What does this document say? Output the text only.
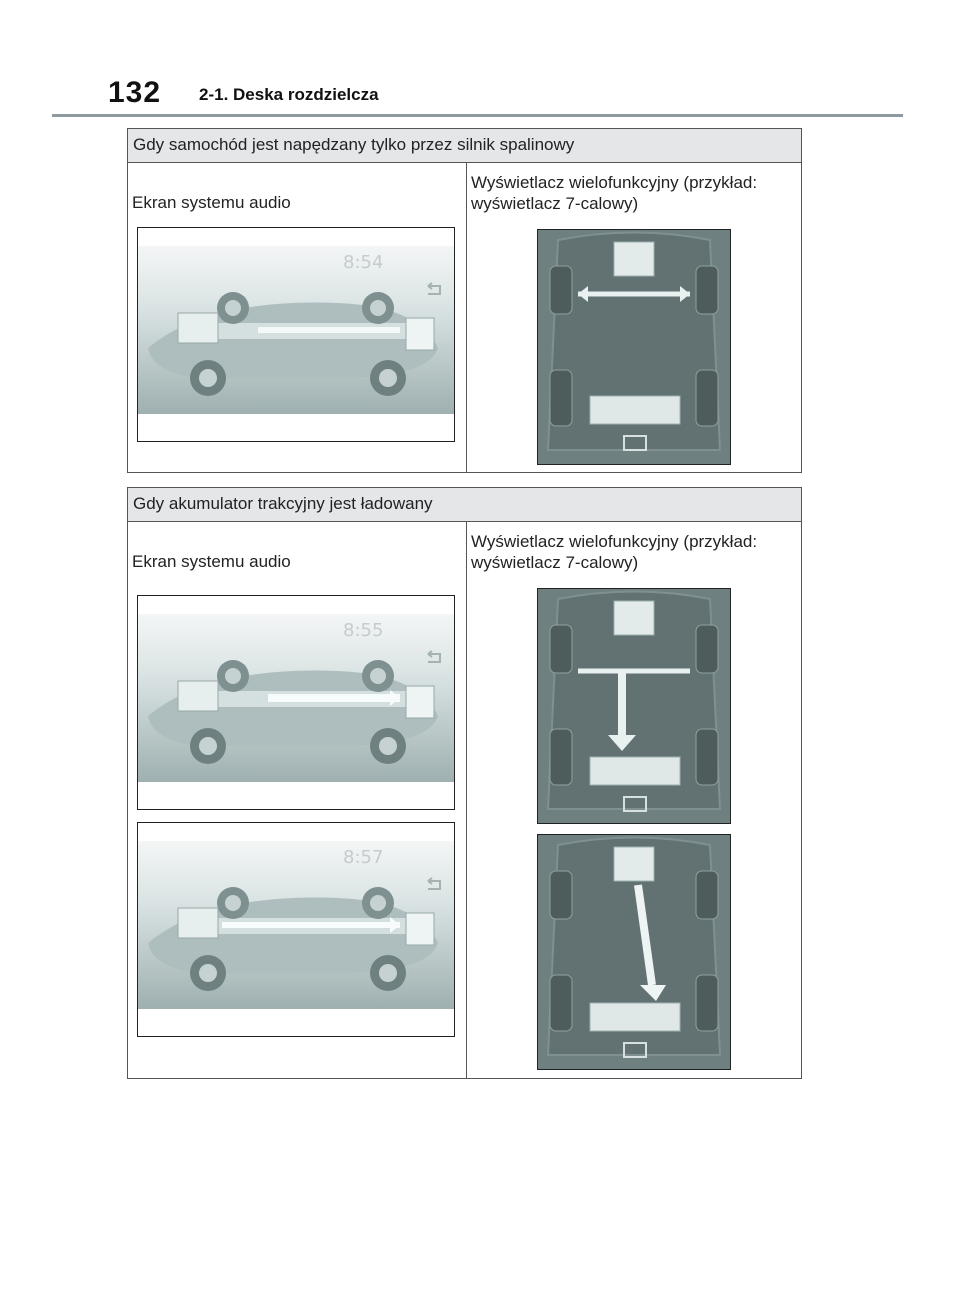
132 2-1. Deska rozdzielcza
Gdy samochód jest napędzany tylko przez silnik spalinowy
Ekran systemu audio
8:54
Wyświetlacz wielofunkcyjny (przykład:
wyświetlacz 7-calowy)
Gdy akumulator trakcyjny jest ładowany
Ekran systemu audio
8:55
8:57
Wyświetlacz wielofunkcyjny (przykład:
wyświetlacz 7-calowy)
